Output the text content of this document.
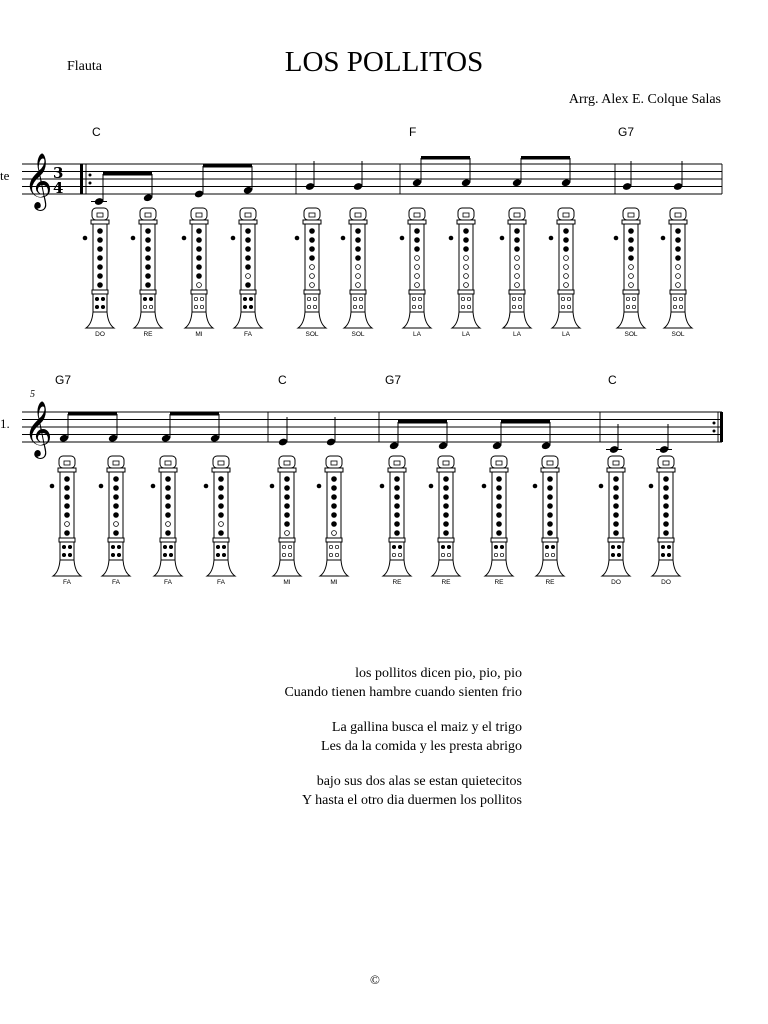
Flauta	LOS POLLITOS
Arrg. Alex E. Colque Salas
te
1.
5
C	F	G7
G7	C	G7	C
𝄞 3
4
𝄞
DO	RE	MI	FA	SOL	SOL	LA	LA	LA	LA	SOL	SOL
FA	FA	FA	FA	MI	MI	RE	RE	RE	RE	DO	DO
los pollitos dicen pio, pio, pio
Cuando tienen hambre cuando sienten frio
La gallina busca el maiz y el trigo
Les da la comida y les presta abrigo
bajo sus dos alas se estan quietecitos
Y hasta el otro dia duermen los pollitos
©
